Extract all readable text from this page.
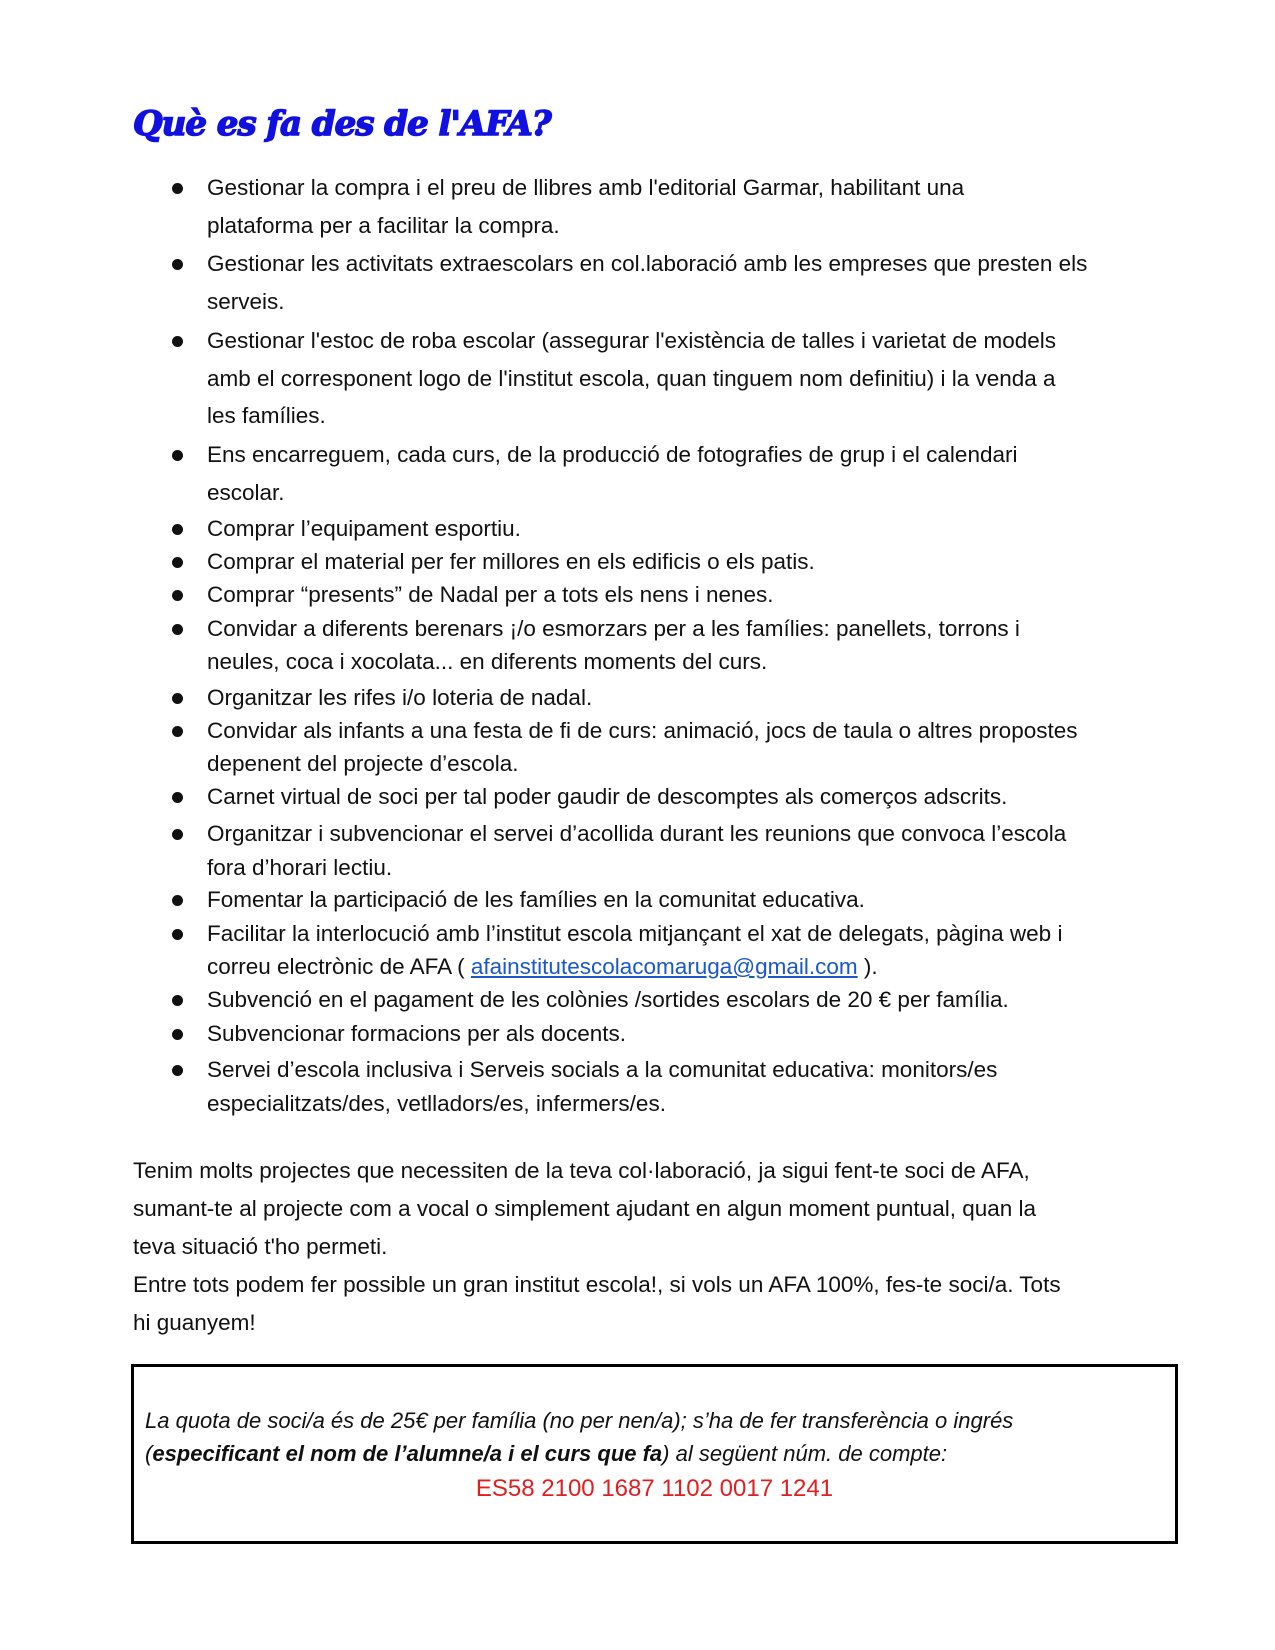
Què es fa des de l'AFA?
Gestionar la compra i el preu de llibres amb l'editorial Garmar, habilitant una
plataforma per a facilitar la compra.
Gestionar les activitats extraescolars en col.laboració amb les empreses que presten els
serveis.
Gestionar l'estoc de roba escolar (assegurar l'existència de talles i varietat de models
amb el corresponent logo de l'institut escola, quan tinguem nom definitiu) i la venda a
les famílies.
Ens encarreguem, cada curs, de la producció de fotografies de grup i el calendari
escolar.
Comprar l’equipament esportiu.
Comprar el material per fer millores en els edificis o els patis.
Comprar “presents” de Nadal per a tots els nens i nenes.
Convidar a diferents berenars ¡/o esmorzars per a les famílies: panellets, torrons i
neules, coca i xocolata... en diferents moments del curs.
Organitzar les rifes i/o loteria de nadal.
Convidar als infants a una festa de fi de curs: animació, jocs de taula o altres propostes
depenent del projecte d’escola.
Carnet virtual de soci per tal poder gaudir de descomptes als comerços adscrits.
Organitzar i subvencionar el servei d’acollida durant les reunions que convoca l’escola
fora d’horari lectiu.
Fomentar la participació de les famílies en la comunitat educativa.
Facilitar la interlocució amb l’institut escola mitjançant el xat de delegats, pàgina web i
correu electrònic de AFA ( afainstitutescolacomaruga@gmail.com ).
Subvenció en el pagament de les colònies /sortides escolars de 20 € per família.
Subvencionar formacions per als docents.
Servei d’escola inclusiva i Serveis socials a la comunitat educativa: monitors/es
especialitzats/des, vetlladors/es, infermers/es.
Tenim molts projectes que necessiten de la teva col·laboració, ja sigui fent-te soci de AFA,
sumant-te al projecte com a vocal o simplement ajudant en algun moment puntual, quan la
teva situació t'ho permeti.
Entre tots podem fer possible un gran institut escola!, si vols un AFA 100%, fes-te soci/a. Tots
hi guanyem!
La quota de soci/a és de 25€ per família (no per nen/a); s’ha de fer transferència o ingrés
(especificant el nom de l’alumne/a i el curs que fa) al següent núm. de compte:
ES58 2100 1687 1102 0017 1241
